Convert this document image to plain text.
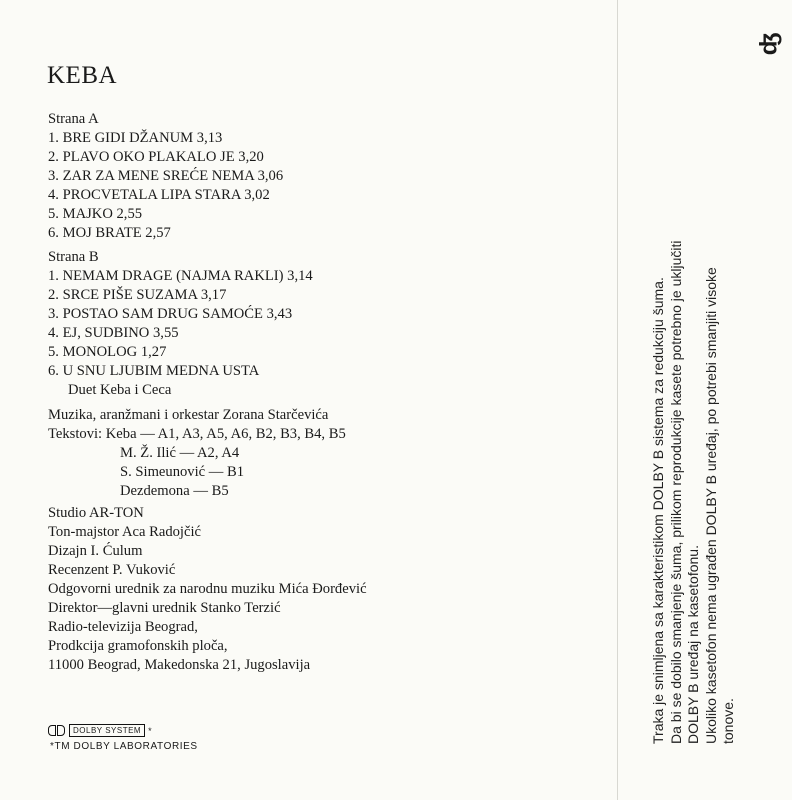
KEBA
Strana A
1. BRE GIDI DŽANUM 3,13
2. PLAVO OKO PLAKALO JE 3,20
3. ZAR ZA MENE SREĆE NEMA 3,06
4. PROCVETALA LIPA STARA 3,02
5. MAJKO 2,55
6. MOJ BRATE 2,57
Strana B
1. NEMAM DRAGE (NAJMA RAKLI) 3,14
2. SRCE PIŠE SUZAMA 3,17
3. POSTAO SAM DRUG SAMOĆE 3,43
4. EJ, SUDBINO 3,55
5. MONOLOG 1,27
6. U SNU LJUBIM MEDNA USTA
Duet Keba i Ceca
Muzika, aranžmani i orkestar Zorana Starčevića
Tekstovi: Keba — A1, A3, A5, A6, B2, B3, B4, B5
M. Ž. Ilić — A2, A4
S. Simeunović — B1
Dezdemona — B5
Studio AR-TON
Ton-majstor Aca Radojčić
Dizajn I. Ćulum
Recenzent P. Vuković
Odgovorni urednik za narodnu muziku Mića Đorđević
Direktor—glavni urednik Stanko Terzić
Radio-televizija Beograd,
Prodkcija gramofonskih ploča,
11000 Beograd, Makedonska 21, Jugoslavija
DOLBY SYSTEM *
*TM DOLBY LABORATORIES
ʤ
Traka je snimljena sa karakteristikom DOLBY B sistema za redukciju šuma. Da bi se dobilo smanjenje šuma, prilikom reprodukcije kasete potrebno je uključiti DOLBY B uređaj na kasetofonu. Ukoliko kasetofon nema ugrađen DOLBY B uređaj, po potrebi smanjiti visoke tonove.
